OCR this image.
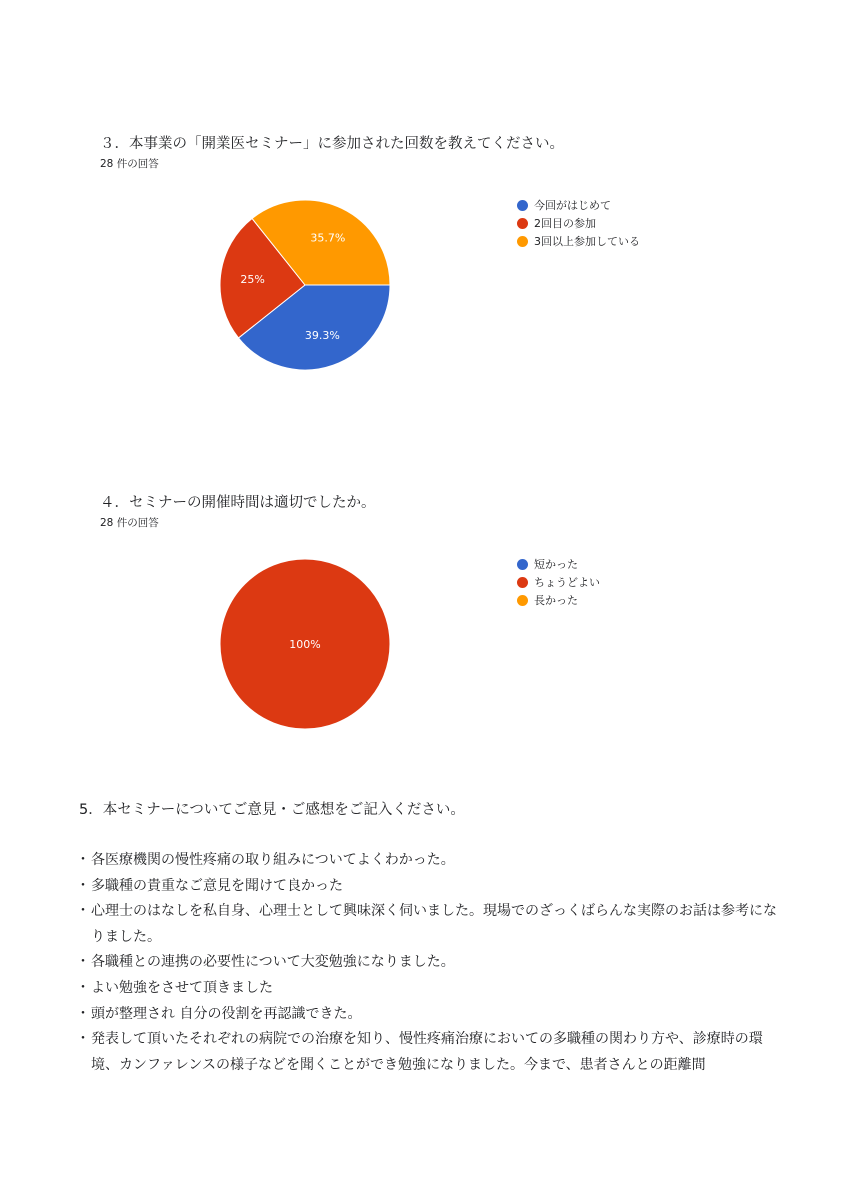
３．本事業の「開業医セミナー」に参加された回数を教えてください。
28 件の回答
39.3%
25%
35.7%
今回がはじめて
2回目の参加
3回以上参加している
４．セミナーの開催時間は適切でしたか。
28 件の回答
100%
短かった
ちょうどよい
長かった
5．本セミナーについてご意見・ご感想をご記入ください。
・ 各医療機関の慢性疼痛の取り組みについてよくわかった。
・ 多職種の貴重なご意見を聞けて良かった
・ 心理士のはなしを私自身、心理士として興味深く伺いました。現場でのざっくばらんな実際のお話は参考になりました。
・ 各職種との連携の必要性について大変勉強になりました。
・ よい勉強をさせて頂きました
・ 頭が整理され 自分の役割を再認識できた。
・ 発表して頂いたそれぞれの病院での治療を知り、慢性疼痛治療においての多職種の関わり方や、診療時の環境、カンファレンスの様子などを聞くことができ勉強になりました。今まで、患者さんとの距離間
